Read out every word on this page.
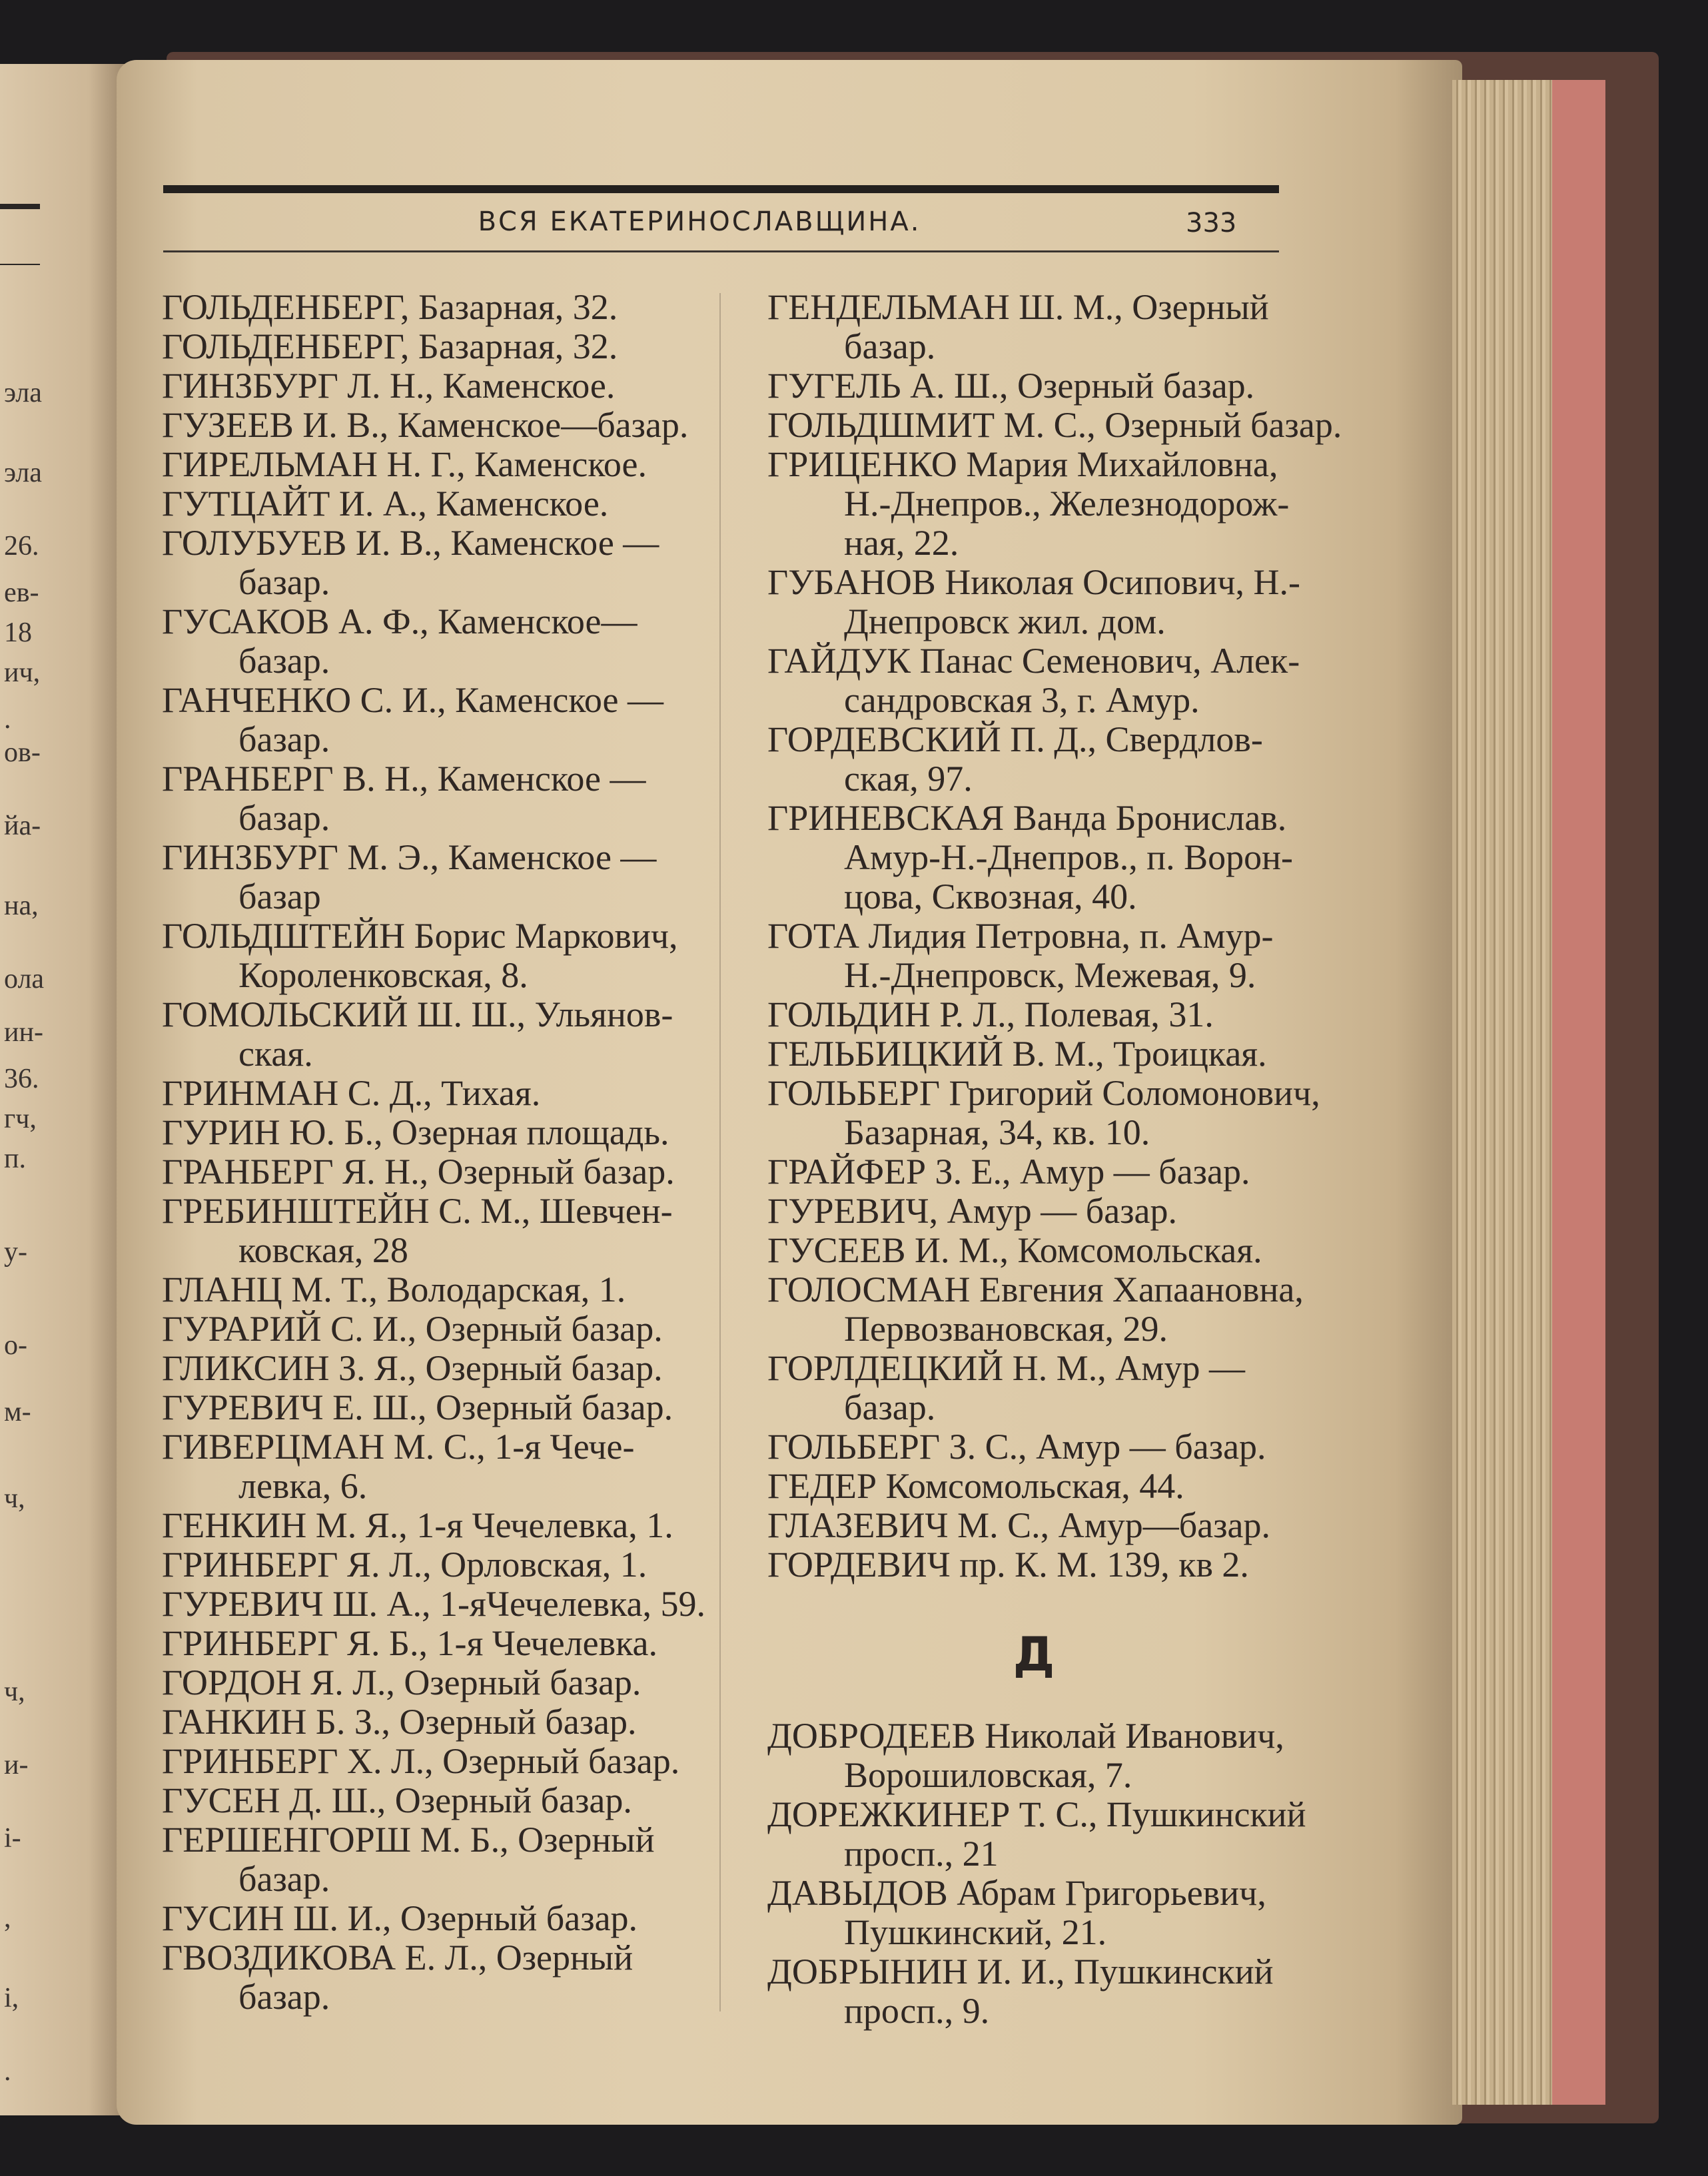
эла
эла
26.
ев-
18
ич,
.
ов-
йа-
на,
ола
ин-
36.
гч,
п.
у-
о-
м-
ч,
ч,
и-
і-
,
і,
.
ВСЯ ЕКАТЕРИНОСЛАВЩИНА.	333
ГОЛЬДЕНБЕРГ, Базарная, 32.
ГОЛЬДЕНБЕРГ, Базарная, 32.
ГИНЗБУРГ Л. Н., Каменское.
ГУЗЕЕВ И. В., Каменское—базар.
ГИРЕЛЬМАН Н. Г., Каменское.
ГУТЦАЙТ И. А., Каменское.
ГОЛУБУЕВ И. В., Каменское —
базар.
ГУСАКОВ А. Ф., Каменское—
базар.
ГАНЧЕНКО С. И., Каменское —
базар.
ГРАНБЕРГ В. Н., Каменское —
базар.
ГИНЗБУРГ М. Э., Каменское —
базар
ГОЛЬДШТЕЙН Борис Маркович,
Короленковская, 8.
ГОМОЛЬСКИЙ Ш. Ш., Ульянов-
ская.
ГРИНМАН С. Д., Тихая.
ГУРИН Ю. Б., Озерная площадь.
ГРАНБЕРГ Я. Н., Озерный базар.
ГРЕБИНШТЕЙН С. М., Шевчен-
ковская, 28
ГЛАНЦ М. Т., Володарская, 1.
ГУРАРИЙ С. И., Озерный базар.
ГЛИКСИН З. Я., Озерный базар.
ГУРЕВИЧ Е. Ш., Озерный базар.
ГИВЕРЦМАН М. С., 1-я Чече-
левка, 6.
ГЕНКИН М. Я., 1-я Чечелевка, 1.
ГРИНБЕРГ Я. Л., Орловская, 1.
ГУРЕВИЧ Ш. А., 1-яЧечелевка, 59.
ГРИНБЕРГ Я. Б., 1-я Чечелевка.
ГОРДОН Я. Л., Озерный базар.
ГАНКИН Б. З., Озерный базар.
ГРИНБЕРГ Х. Л., Озерный базар.
ГУСЕН Д. Ш., Озерный базар.
ГЕРШЕНГОРШ М. Б., Озерный
базар.
ГУСИН Ш. И., Озерный базар.
ГВОЗДИКОВА Е. Л., Озерный
базар.
ГЕНДЕЛЬМАН Ш. М., Озерный
базар.
ГУГЕЛЬ А. Ш., Озерный базар.
ГОЛЬДШМИТ М. С., Озерный базар.
ГРИЦЕНКО Мария Михайловна,
Н.-Днепров., Железнодорож-
ная, 22.
ГУБАНОВ Николая Осипович, Н.-
Днепровск жил. дом.
ГАЙДУК Панас Семенович, Алек-
сандровская 3, г. Амур.
ГОРДЕВСКИЙ П. Д., Свердлов-
ская, 97.
ГРИНЕВСКАЯ Ванда Брониcлав.
Амур-Н.-Днепров., п. Ворон-
цова, Сквозная, 40.
ГОТА Лидия Петровна, п. Амур-
Н.-Днепровск, Межевая, 9.
ГОЛЬДИН Р. Л., Полевая, 31.
ГЕЛЬБИЦКИЙ В. М., Троицкая.
ГОЛЬБЕРГ Григорий Соломонович,
Базарная, 34, кв. 10.
ГРАЙФЕР З. Е., Амур — базар.
ГУРЕВИЧ, Амур — базар.
ГУСЕЕВ И. М., Комсомольская.
ГОЛОСМАН Евгения Хапаановна,
Первозвановская, 29.
ГОРЛДЕЦКИЙ Н. М., Амур —
базар.
ГОЛЬБЕРГ З. С., Амур — базар.
ГЕДЕР Комсомольская, 44.
ГЛАЗЕВИЧ М. С., Амур—базар.
ГОРДЕВИЧ пр. К. М. 139, кв 2.
Д
ДОБРОДЕЕВ Николай Иванович,
Ворошиловская, 7.
ДОРЕЖКИНЕР Т. С., Пушкинский
просп., 21
ДАВЫДОВ Абрам Григорьевич,
Пушкинский, 21.
ДОБРЫНИН И. И., Пушкинский
просп., 9.
